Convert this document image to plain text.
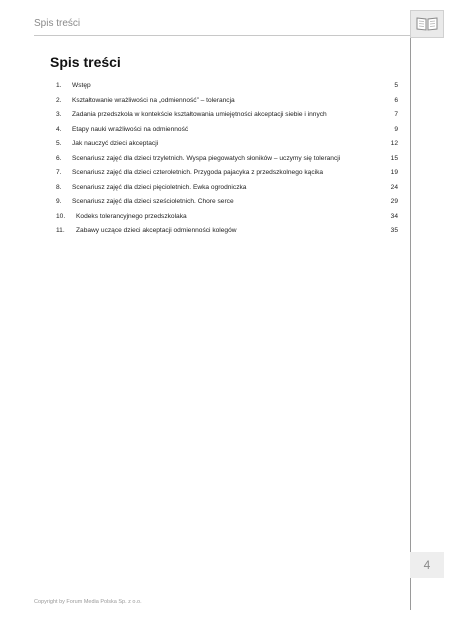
Spis treści
Spis treści
1.	Wstęp	5
2.	Kształtowanie wrażliwości na „odmienność” – tolerancja	6
3.	Zadania przedszkola w kontekście kształtowania umiejętności akceptacji siebie i innych	7
4.	Etapy nauki wrażliwości na odmienność	9
5.	Jak nauczyć dzieci akceptacji	12
6.	Scenariusz zajęć dla dzieci trzyletnich. Wyspa piegowatych słoników – uczymy się tolerancji	15
7.	Scenariusz zajęć dla dzieci czteroletnich. Przygoda pajacyka z przedszkolnego kącika	19
8.	Scenariusz zajęć dla dzieci pięcioletnich. Ewka ogrodniczka	24
9.	Scenariusz zajęć dla dzieci sześcioletnich. Chore serce	29
10.	Kodeks tolerancyjnego przedszkolaka	34
11.	Zabawy uczące dzieci akceptacji odmienności kolegów	35
4
Copyright by Forum Media Polska Sp. z o.o.
